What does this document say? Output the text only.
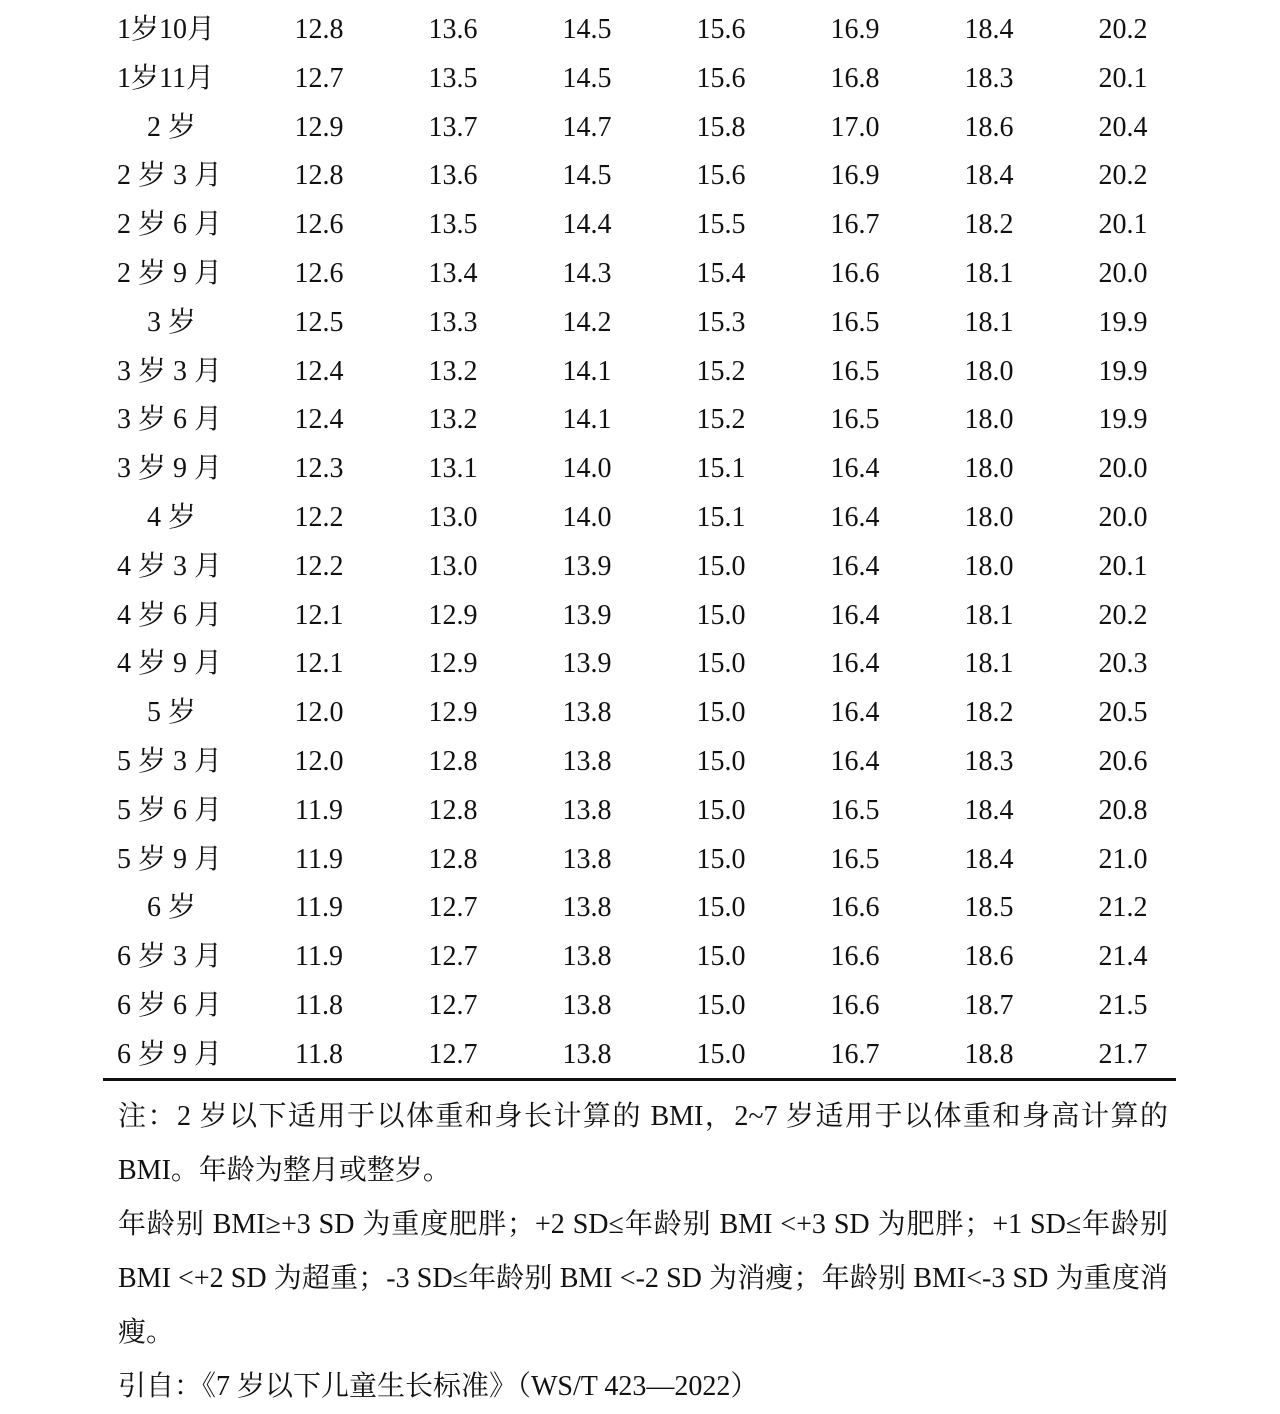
1岁10月	12.8	13.6	14.5	15.6	16.9	18.4	20.2
1岁11月	12.7	13.5	14.5	15.6	16.8	18.3	20.1
2 岁	12.9	13.7	14.7	15.8	17.0	18.6	20.4
2 岁 3 月	12.8	13.6	14.5	15.6	16.9	18.4	20.2
2 岁 6 月	12.6	13.5	14.4	15.5	16.7	18.2	20.1
2 岁 9 月	12.6	13.4	14.3	15.4	16.6	18.1	20.0
3 岁	12.5	13.3	14.2	15.3	16.5	18.1	19.9
3 岁 3 月	12.4	13.2	14.1	15.2	16.5	18.0	19.9
3 岁 6 月	12.4	13.2	14.1	15.2	16.5	18.0	19.9
3 岁 9 月	12.3	13.1	14.0	15.1	16.4	18.0	20.0
4 岁	12.2	13.0	14.0	15.1	16.4	18.0	20.0
4 岁 3 月	12.2	13.0	13.9	15.0	16.4	18.0	20.1
4 岁 6 月	12.1	12.9	13.9	15.0	16.4	18.1	20.2
4 岁 9 月	12.1	12.9	13.9	15.0	16.4	18.1	20.3
5 岁	12.0	12.9	13.8	15.0	16.4	18.2	20.5
5 岁 3 月	12.0	12.8	13.8	15.0	16.4	18.3	20.6
5 岁 6 月	11.9	12.8	13.8	15.0	16.5	18.4	20.8
5 岁 9 月	11.9	12.8	13.8	15.0	16.5	18.4	21.0
6 岁	11.9	12.7	13.8	15.0	16.6	18.5	21.2
6 岁 3 月	11.9	12.7	13.8	15.0	16.6	18.6	21.4
6 岁 6 月	11.8	12.7	13.8	15.0	16.6	18.7	21.5
6 岁 9 月	11.8	12.7	13.8	15.0	16.7	18.8	21.7

注：2 岁以下适用于以体重和身长计算的 BMI，2~7 岁适用于以体重和身高计算的 BMI。年龄为整月或整岁。

年龄别 BMI≥+3 SD 为重度肥胖；+2 SD≤年龄别 BMI <+3 SD 为肥胖；+1 SD≤年龄别 BMI <+2 SD 为超重；-3 SD≤年龄别 BMI <-2 SD 为消瘦；年龄别 BMI<-3 SD 为重度消瘦。

引自：《7 岁以下儿童生长标准》（WS/T 423—2022）
